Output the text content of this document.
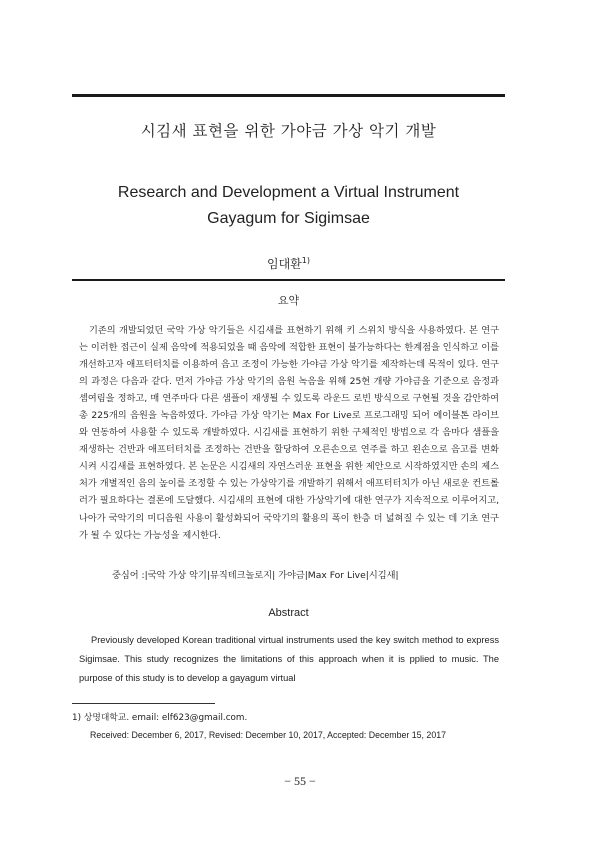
시김새 표현을 위한 가야금 가상 악기 개발
Research and Development a Virtual Instrument
Gayagum for Sigimsae
임대환$^{1)}$
요약

기존의 개발되었던 국악 가상 악기들은 시김새를 표현하기 위해 키 스위치 방식을 사용하였다. 본 연구는 이러한 접근이 실제 음악에 적용되었을 때 음악에 적합한 표현이 불가능하다는 한계점을 인식하고 이를 개선하고자 애프터터치를 이용하여 음고 조정이 가능한 가야금 가상 악기를 제작하는데 목적이 있다. 연구의 과정은 다음과 같다. 먼저 가야금 가상 악기의 음원 녹음을 위해 25현 개량 가야금을 기준으로 음정과 셈여림을 정하고, 매 연주마다 다른 샘플이 재생될 수 있도록 라운드 로빈 방식으로 구현될 것을 감안하여 총 225개의 음원을 녹음하였다. 가야금 가상 악기는 Max For Live로 프로그래밍 되어 에이블톤 라이브와 연동하여 사용할 수 있도록 개발하였다. 시김새를 표현하기 위한 구체적인 방법으로 각 음마다 샘플을 재생하는 건반과 애프터터치를 조정하는 건반을 할당하여 오른손으로 연주를 하고 왼손으로 음고를 변화시켜 시김새를 표현하였다. 본 논문은 시김새의 자연스러운 표현을 위한 제안으로 시작하였지만 손의 제스처가 개별적인 음의 높이를 조정할 수 있는 가상악기를 개발하기 위해서 애프터터치가 아닌 새로운 컨트롤러가 필요하다는 결론에 도달했다. 시김새의 표현에 대한 가상악기에 대한 연구가 지속적으로 이루어지고, 나아가 국악기의 미디음원 사용이 활성화되어 국악기의 활용의 폭이 한층 더 넓혀질 수 있는 데 기초 연구가 될 수 있다는 가능성을 제시한다.

중심어 :|국악 가상 악기|뮤직테크놀로지| 가야금|Max For Live|시김새|
Abstract

Previously developed Korean traditional virtual instruments used the key switch method to express Sigimsae. This study recognizes the limitations of this approach when it is pplied to music. The purpose of this study is to develop a gayagum virtual

1) 상명대학교. email: elf623@gmail.com.
Received: December 6, 2017, Revised: December 10, 2017, Accepted: December 15, 2017
− 55 −
